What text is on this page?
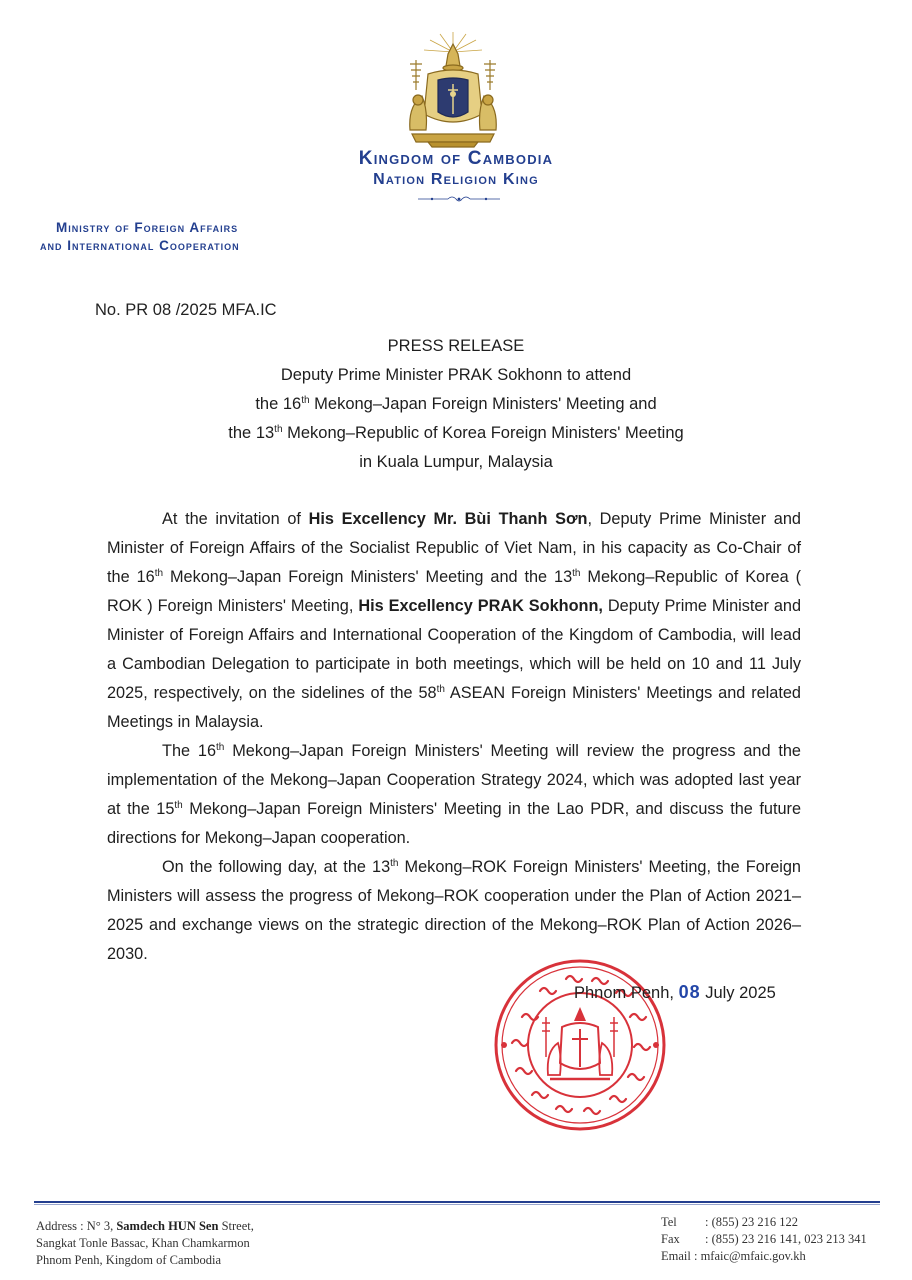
Kingdom of Cambodia
Nation Religion King
Ministry of Foreign Affairs
and International Cooperation
No. PR 08 /2025 MFA.IC
PRESS RELEASE
Deputy Prime Minister PRAK Sokhonn to attend
the 16th Mekong–Japan Foreign Ministers' Meeting and
the 13th Mekong–Republic of Korea Foreign Ministers' Meeting
in Kuala Lumpur, Malaysia

At the invitation of His Excellency Mr. Bùi Thanh Sơn, Deputy Prime Minister and Minister of Foreign Affairs of the Socialist Republic of Viet Nam, in his capacity as Co-Chair of the 16th Mekong–Japan Foreign Ministers' Meeting and the 13th Mekong–Republic of Korea ( ROK ) Foreign Ministers' Meeting, His Excellency PRAK Sokhonn, Deputy Prime Minister and Minister of Foreign Affairs and International Cooperation of the Kingdom of Cambodia, will lead a Cambodian Delegation to participate in both meetings, which will be held on 10 and 11 July 2025, respectively, on the sidelines of the 58th ASEAN Foreign Ministers' Meetings and related Meetings in Malaysia.

The 16th Mekong–Japan Foreign Ministers' Meeting will review the progress and the implementation of the Mekong–Japan Cooperation Strategy 2024, which was adopted last year at the 15th Mekong–Japan Foreign Ministers' Meeting in the Lao PDR, and discuss the future directions for Mekong–Japan cooperation.

On the following day, at the 13th Mekong–ROK Foreign Ministers' Meeting, the Foreign Ministers will assess the progress of Mekong–ROK cooperation under the Plan of Action 2021–2025 and exchange views on the strategic direction of the Mekong–ROK Plan of Action 2026–2030.

Phnom Penh, 08 July 2025
Address : N° 3, Samdech HUN Sen Street,
Sangkat Tonle Bassac, Khan Chamkarmon
Phnom Penh, Kingdom of Cambodia
Tel : (855) 23 216 122
Fax : (855) 23 216 141, 023 213 341
Email : mfaic@mfaic.gov.kh
